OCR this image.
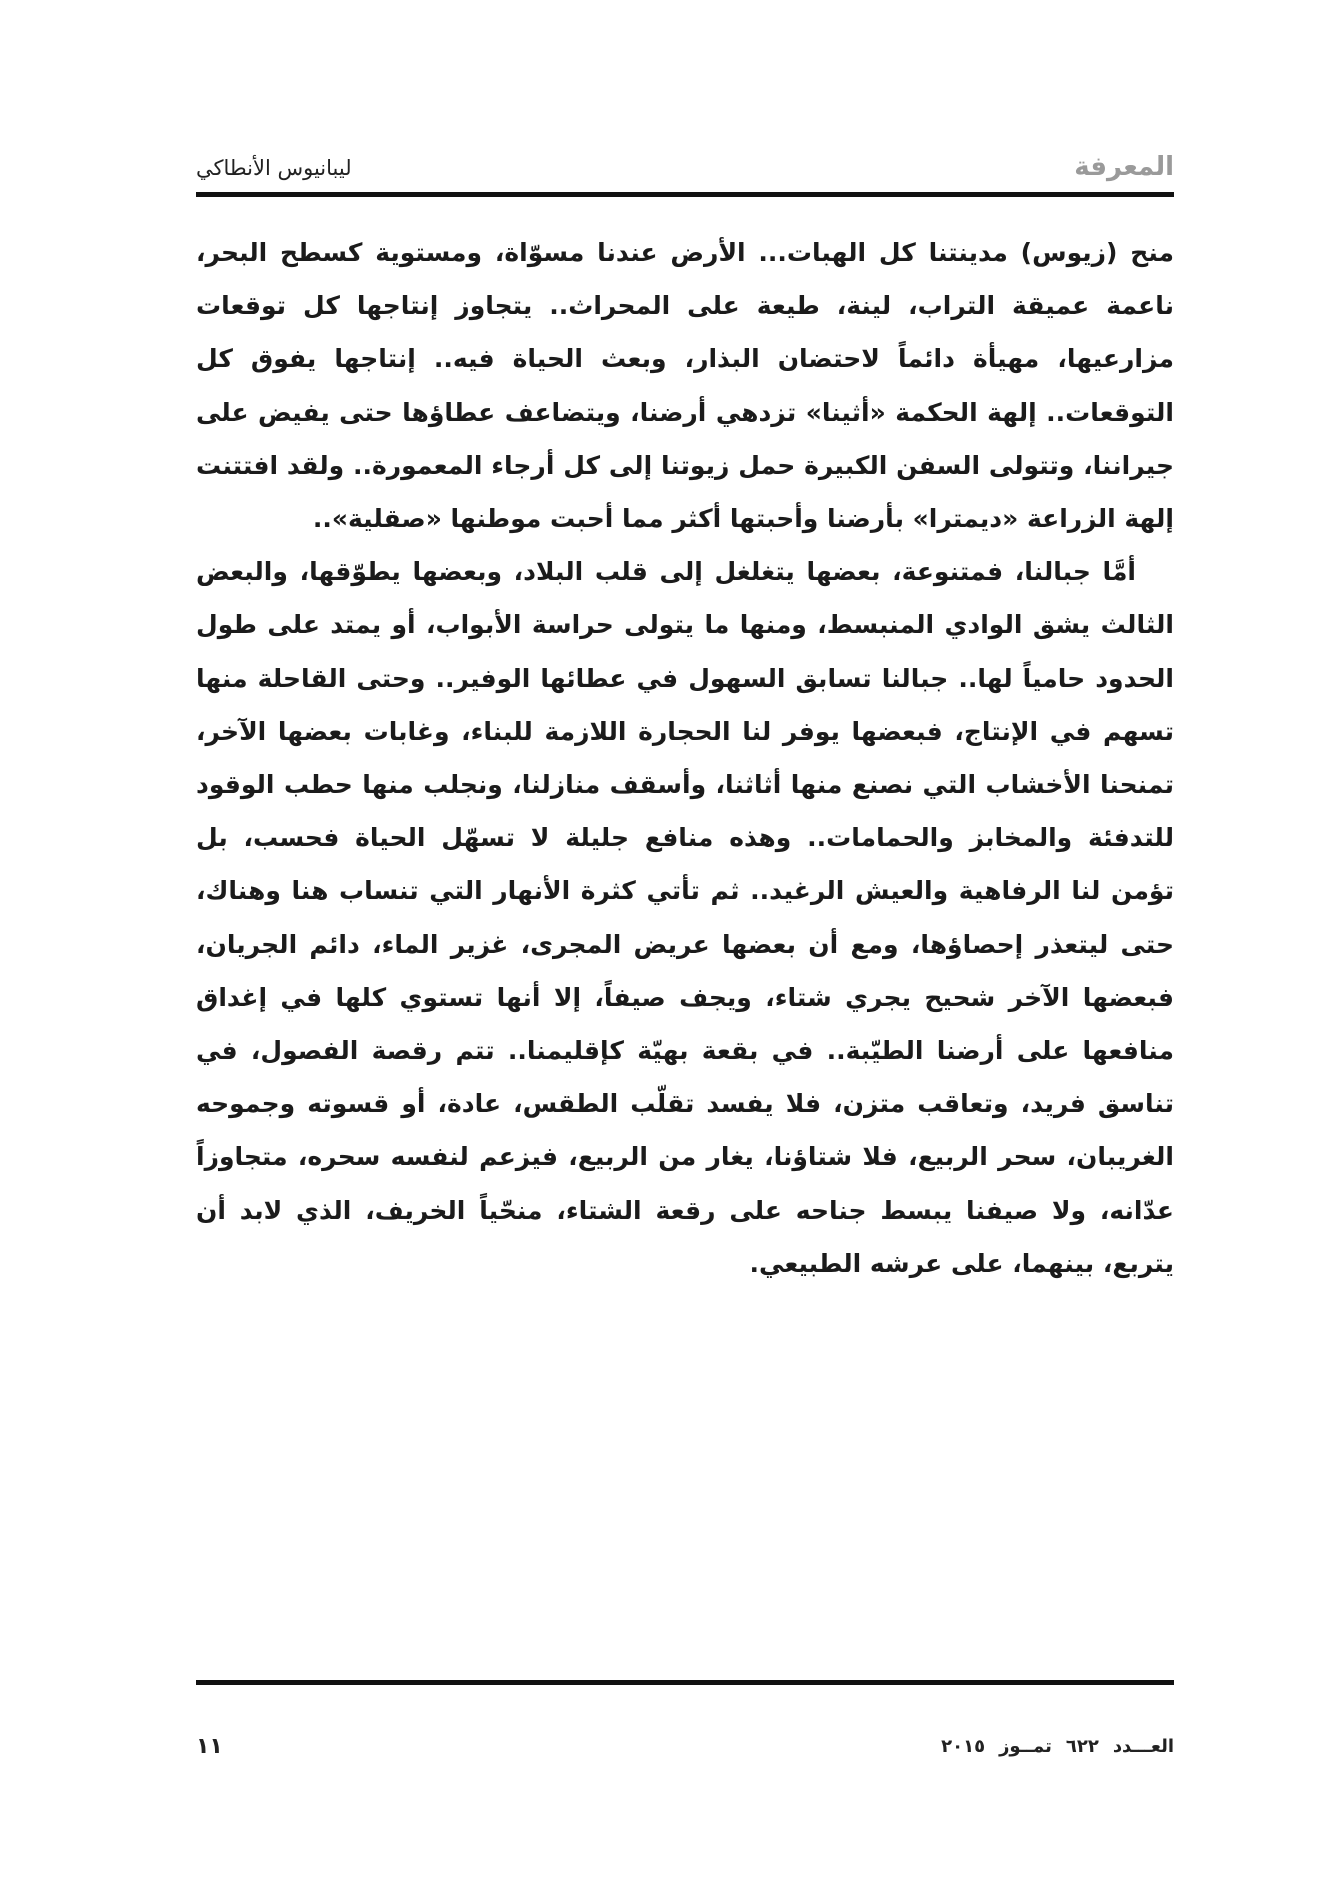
المعرفة
ليبانيوس الأنطاكي

منح (زيوس) مدينتنا كل الهبات... الأرض عندنا مسوّاة، ومستوية كسطح البحر، ناعمة عميقة التراب، لينة، طيعة على المحراث.. يتجاوز إنتاجها كل توقعات مزارعيها، مهيأة دائماً لاحتضان البذار، وبعث الحياة فيه.. إنتاجها يفوق كل التوقعات.. إلهة الحكمة «أثينا» تزدهي أرضنا، ويتضاعف عطاؤها حتى يفيض على جيراننا، وتتولى السفن الكبيرة حمل زيوتنا إلى كل أرجاء المعمورة.. ولقد افتتنت إلهة الزراعة «ديمترا» بأرضنا وأحبتها أكثر مما أحبت موطنها «صقلية»..

أمَّا جبالنا، فمتنوعة، بعضها يتغلغل إلى قلب البلاد، وبعضها يطوّقها، والبعض الثالث يشق الوادي المنبسط، ومنها ما يتولى حراسة الأبواب، أو يمتد على طول الحدود حامياً لها.. جبالنا تسابق السهول في عطائها الوفير.. وحتى القاحلة منها تسهم في الإنتاج، فبعضها يوفر لنا الحجارة اللازمة للبناء، وغابات بعضها الآخر، تمنحنا الأخشاب التي نصنع منها أثاثنا، وأسقف منازلنا، ونجلب منها حطب الوقود للتدفئة والمخابز والحمامات.. وهذه منافع جليلة لا تسهّل الحياة فحسب، بل تؤمن لنا الرفاهية والعيش الرغيد.. ثم تأتي كثرة الأنهار التي تنساب هنا وهناك، حتى ليتعذر إحصاؤها، ومع أن بعضها عريض المجرى، غزير الماء، دائم الجريان، فبعضها الآخر شحيح يجري شتاء، ويجف صيفاً، إلا أنها تستوي كلها في إغداق منافعها على أرضنا الطيّبة.. في بقعة بهيّة كإقليمنا.. تتم رقصة الفصول، في تناسق فريد، وتعاقب متزن، فلا يفسد تقلّب الطقس، عادة، أو قسوته وجموحه الغريبان، سحر الربيع، فلا شتاؤنا، يغار من الربيع، فيزعم لنفسه سحره، متجاوزاً عدّانه، ولا صيفنا يبسط جناحه على رقعة الشتاء، منحّياً الخريف، الذي لابد أن يتربع، بينهما، على عرشه الطبيعي.

العـــدد٦٢٢تمــوز٢٠١٥
١١
